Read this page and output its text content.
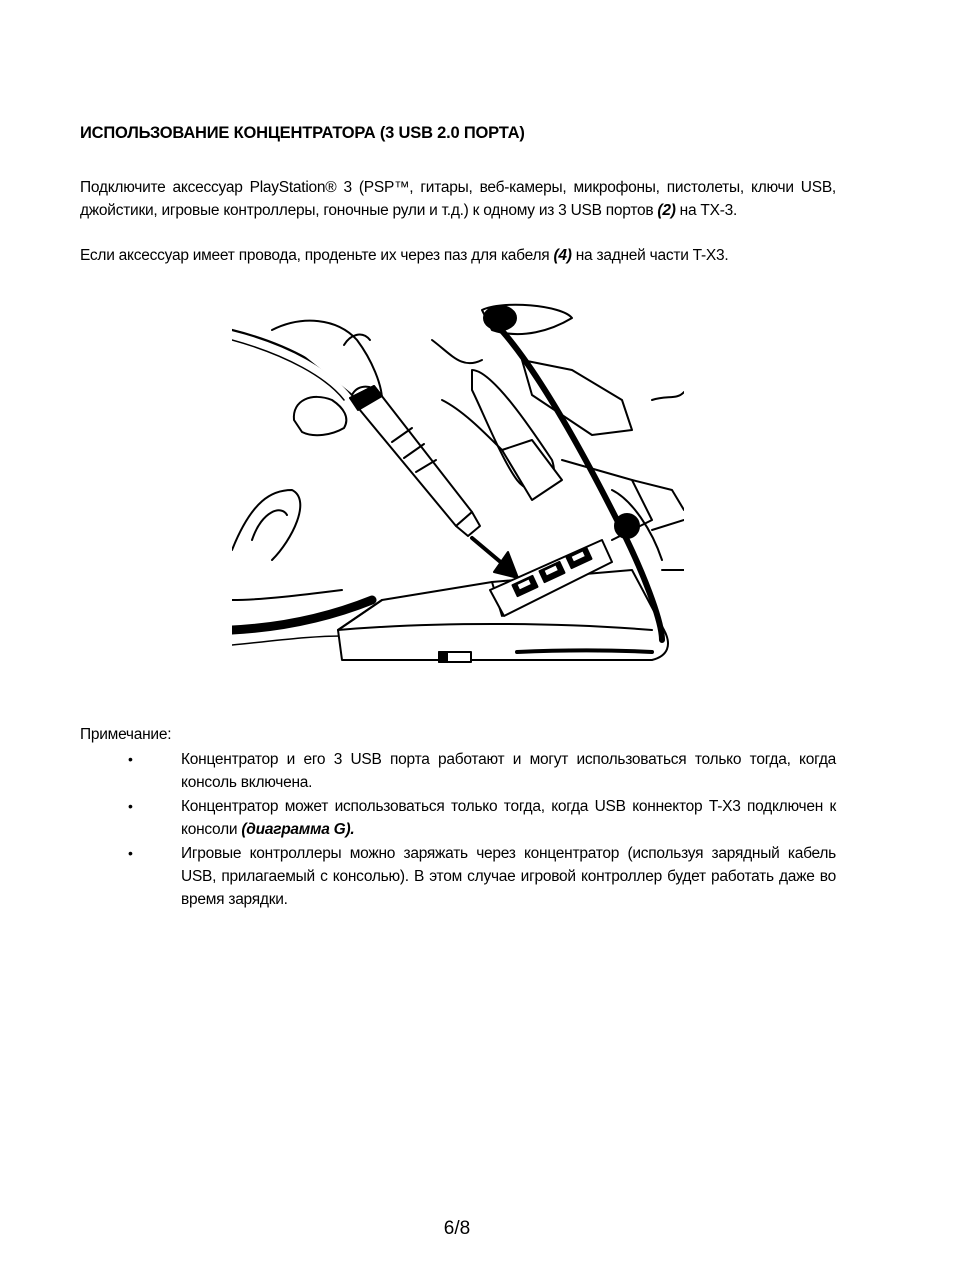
ИСПОЛЬЗОВАНИЕ КОНЦЕНТРАТОРА (3 USB 2.0 ПОРТА)
Подключите аксессуар PlayStation® 3 (PSP™, гитары, веб-камеры, микрофоны, пистолеты, ключи USB, джойстики, игровые контроллеры, гоночные рули и т.д.) к одному из 3 USB портов (2) на TX-3.
Если аксессуар имеет провода, проденьте их через паз для кабеля (4) на задней части T-X3.
Примечание:
•	Концентратор и его 3 USB порта работают и могут использоваться только тогда, когда консоль включена.
•	Концентратор может использоваться только тогда, когда USB коннектор T-X3 подключен к консоли (диаграмма G).
•	Игровые контроллеры можно заряжать через концентратор (используя зарядный кабель USB, прилагаемый с консолью). В этом случае игровой контроллер будет работать даже во время зарядки.
6/8
